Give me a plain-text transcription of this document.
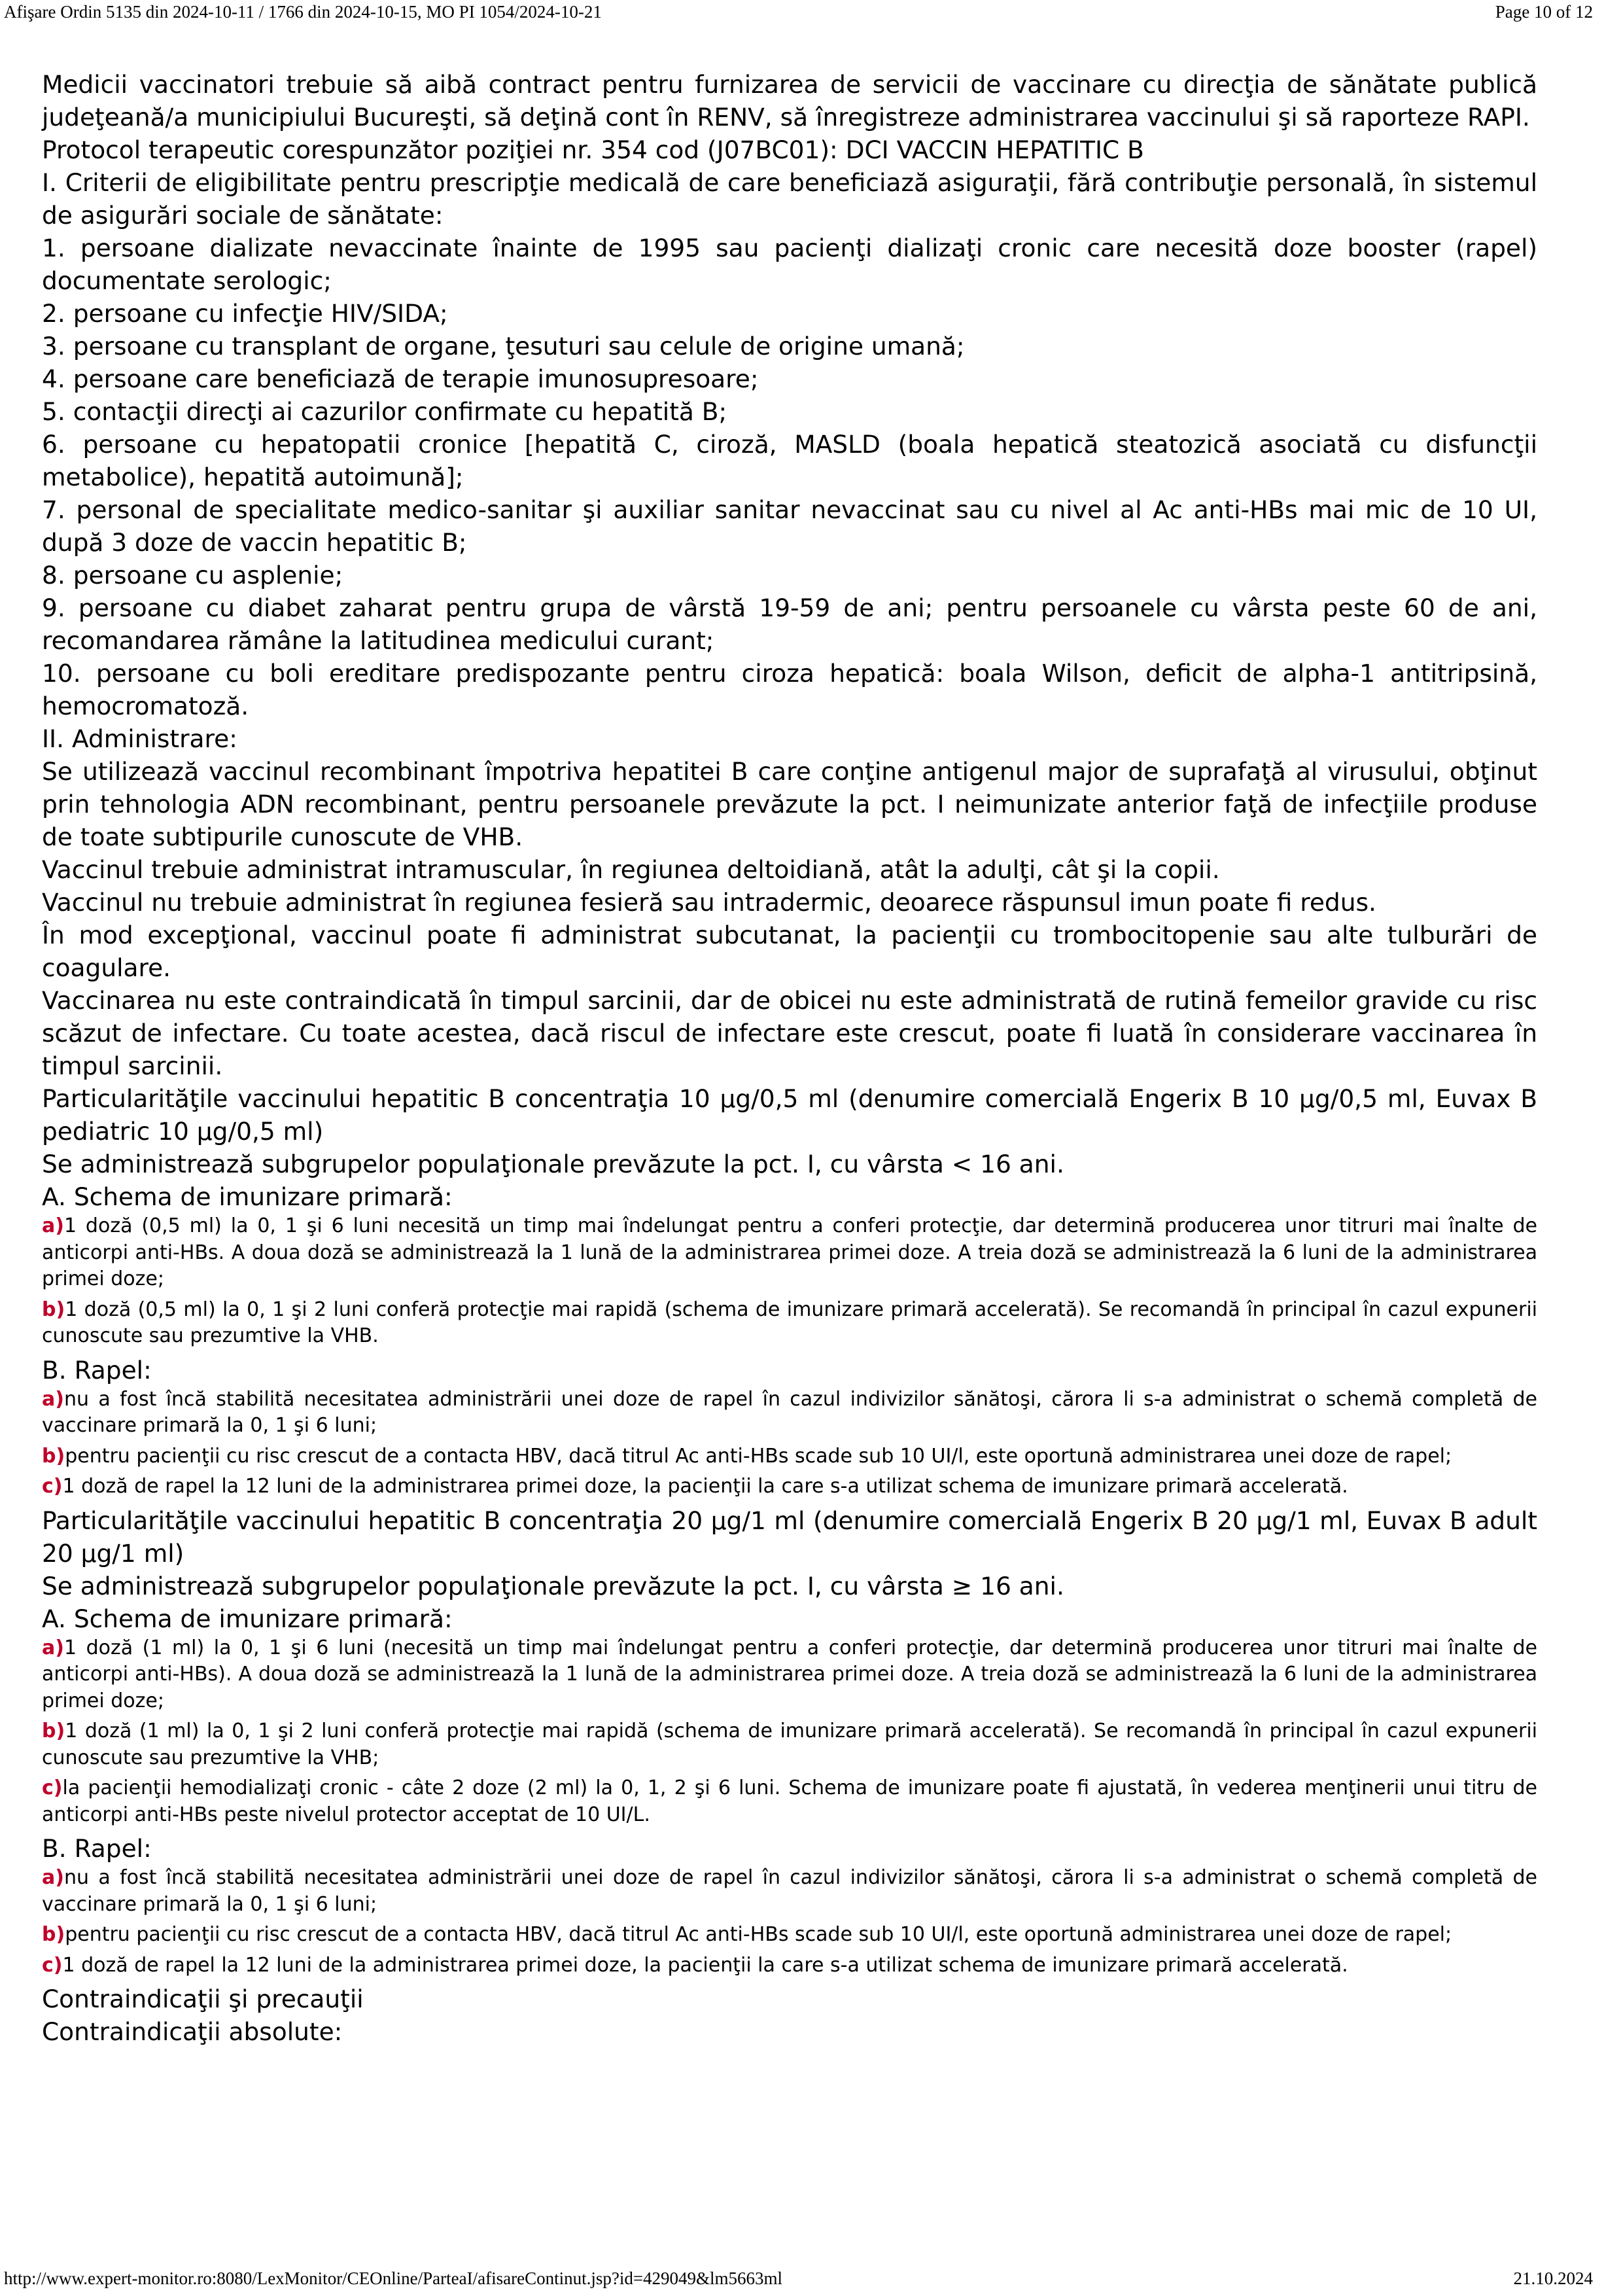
Afişare Ordin 5135 din 2024-10-11 / 1766 din 2024-10-15, MO PI 1054/2024-10-21	Page 10 of 12

Medicii vaccinatori trebuie să aibă contract pentru furnizarea de servicii de vaccinare cu direcţia de sănătate publică judeţeană/a municipiului Bucureşti, să deţină cont în RENV, să înregistreze administrarea vaccinului şi să raporteze RAPI.

Protocol terapeutic corespunzător poziţiei nr. 354 cod (J07BC01): DCI VACCIN HEPATITIC B

I. Criterii de eligibilitate pentru prescripţie medicală de care beneficiază asiguraţii, fără contribuţie personală, în sistemul de asigurări sociale de sănătate:

1. persoane dializate nevaccinate înainte de 1995 sau pacienţi dializaţi cronic care necesită doze booster (rapel) documentate serologic;

2. persoane cu infecţie HIV/SIDA;

3. persoane cu transplant de organe, ţesuturi sau celule de origine umană;

4. persoane care beneficiază de terapie imunosupresoare;

5. contacţii direcţi ai cazurilor confirmate cu hepatită B;

6. persoane cu hepatopatii cronice [hepatită C, ciroză, MASLD (boala hepatică steatozică asociată cu disfuncţii metabolice), hepatită autoimună];

7. personal de specialitate medico-sanitar şi auxiliar sanitar nevaccinat sau cu nivel al Ac anti-HBs mai mic de 10 UI, după 3 doze de vaccin hepatitic B;

8. persoane cu asplenie;

9. persoane cu diabet zaharat pentru grupa de vârstă 19-59 de ani; pentru persoanele cu vârsta peste 60 de ani, recomandarea rămâne la latitudinea medicului curant;

10. persoane cu boli ereditare predispozante pentru ciroza hepatică: boala Wilson, deficit de alpha-1 antitripsină, hemocromatoză.

II. Administrare:

Se utilizează vaccinul recombinant împotriva hepatitei B care conţine antigenul major de suprafaţă al virusului, obţinut prin tehnologia ADN recombinant, pentru persoanele prevăzute la pct. I neimunizate anterior faţă de infecţiile produse de toate subtipurile cunoscute de VHB.

Vaccinul trebuie administrat intramuscular, în regiunea deltoidiană, atât la adulţi, cât şi la copii.

Vaccinul nu trebuie administrat în regiunea fesieră sau intradermic, deoarece răspunsul imun poate fi redus.

În mod excepţional, vaccinul poate fi administrat subcutanat, la pacienţii cu trombocitopenie sau alte tulburări de coagulare.

Vaccinarea nu este contraindicată în timpul sarcinii, dar de obicei nu este administrată de rutină femeilor gravide cu risc scăzut de infectare. Cu toate acestea, dacă riscul de infectare este crescut, poate fi luată în considerare vaccinarea în timpul sarcinii.

Particularităţile vaccinului hepatitic B concentraţia 10 µg/0,5 ml (denumire comercială Engerix B 10 µg/0,5 ml, Euvax B pediatric 10 µg/0,5 ml)

Se administrează subgrupelor populaţionale prevăzute la pct. I, cu vârsta < 16 ani.

A. Schema de imunizare primară:

a)1 doză (0,5 ml) la 0, 1 şi 6 luni necesită un timp mai îndelungat pentru a conferi protecţie, dar determină producerea unor titruri mai înalte de anticorpi anti-HBs. A doua doză se administrează la 1 lună de la administrarea primei doze. A treia doză se administrează la 6 luni de la administrarea primei doze;

b)1 doză (0,5 ml) la 0, 1 şi 2 luni conferă protecţie mai rapidă (schema de imunizare primară accelerată). Se recomandă în principal în cazul expunerii cunoscute sau prezumtive la VHB.

B. Rapel:

a)nu a fost încă stabilită necesitatea administrării unei doze de rapel în cazul indivizilor sănătoşi, cărora li s-a administrat o schemă completă de vaccinare primară la 0, 1 şi 6 luni;

b)pentru pacienţii cu risc crescut de a contacta HBV, dacă titrul Ac anti-HBs scade sub 10 UI/l, este oportună administrarea unei doze de rapel;

c)1 doză de rapel la 12 luni de la administrarea primei doze, la pacienţii la care s-a utilizat schema de imunizare primară accelerată.

Particularităţile vaccinului hepatitic B concentraţia 20 µg/1 ml (denumire comercială Engerix B 20 µg/1 ml, Euvax B adult 20 µg/1 ml)

Se administrează subgrupelor populaţionale prevăzute la pct. I, cu vârsta ≥ 16 ani.

A. Schema de imunizare primară:

a)1 doză (1 ml) la 0, 1 şi 6 luni (necesită un timp mai îndelungat pentru a conferi protecţie, dar determină producerea unor titruri mai înalte de anticorpi anti-HBs). A doua doză se administrează la 1 lună de la administrarea primei doze. A treia doză se administrează la 6 luni de la administrarea primei doze;

b)1 doză (1 ml) la 0, 1 şi 2 luni conferă protecţie mai rapidă (schema de imunizare primară accelerată). Se recomandă în principal în cazul expunerii cunoscute sau prezumtive la VHB;

c)la pacienţii hemodializaţi cronic - câte 2 doze (2 ml) la 0, 1, 2 şi 6 luni. Schema de imunizare poate fi ajustată, în vederea menţinerii unui titru de anticorpi anti-HBs peste nivelul protector acceptat de 10 UI/L.

B. Rapel:

a)nu a fost încă stabilită necesitatea administrării unei doze de rapel în cazul indivizilor sănătoşi, cărora li s-a administrat o schemă completă de vaccinare primară la 0, 1 şi 6 luni;

b)pentru pacienţii cu risc crescut de a contacta HBV, dacă titrul Ac anti-HBs scade sub 10 UI/l, este oportună administrarea unei doze de rapel;

c)1 doză de rapel la 12 luni de la administrarea primei doze, la pacienţii la care s-a utilizat schema de imunizare primară accelerată.

Contraindicaţii şi precauţii

Contraindicaţii absolute:

http://www.expert-monitor.ro:8080/LexMonitor/CEOnline/ParteaI/afisareContinut.jsp?id=429049&lm5663ml	21.10.2024
